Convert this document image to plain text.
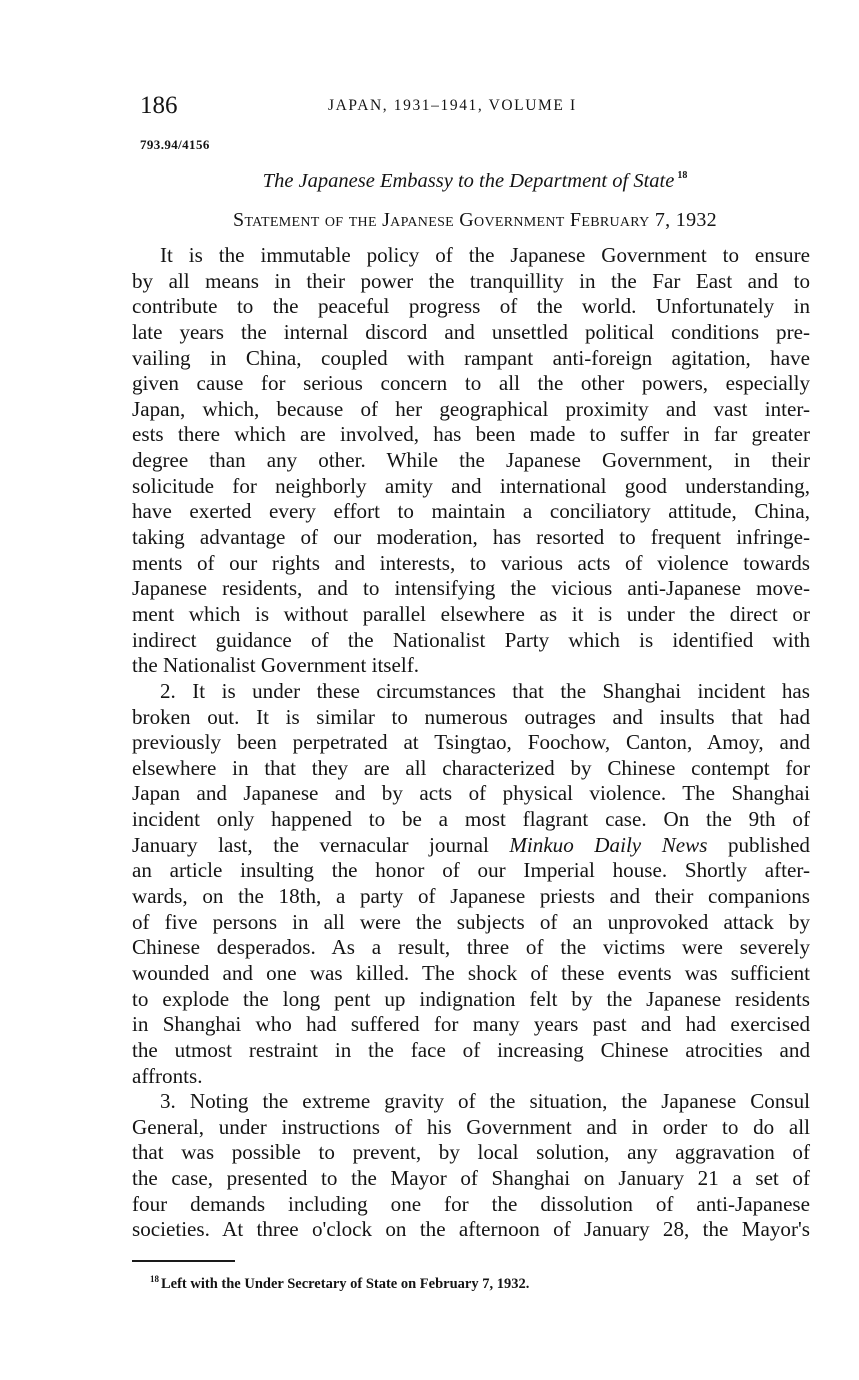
186	JAPAN, 1931–1941, VOLUME I
793.94/4156
The Japanese Embassy to the Department of State $^{18}$
Statement of the Japanese Government February 7, 1932
It is the immutable policy of the Japanese Government to ensure
by all means in their power the tranquillity in the Far East and to
contribute to the peaceful progress of the world. Unfortunately in
late years the internal discord and unsettled political conditions pre-
vailing in China, coupled with rampant anti-foreign agitation, have
given cause for serious concern to all the other powers, especially
Japan, which, because of her geographical proximity and vast inter-
ests there which are involved, has been made to suffer in far greater
degree than any other. While the Japanese Government, in their
solicitude for neighborly amity and international good understanding,
have exerted every effort to maintain a conciliatory attitude, China,
taking advantage of our moderation, has resorted to frequent infringe-
ments of our rights and interests, to various acts of violence towards
Japanese residents, and to intensifying the vicious anti-Japanese move-
ment which is without parallel elsewhere as it is under the direct or
indirect guidance of the Nationalist Party which is identified with
the Nationalist Government itself.
2. It is under these circumstances that the Shanghai incident has
broken out. It is similar to numerous outrages and insults that had
previously been perpetrated at Tsingtao, Foochow, Canton, Amoy, and
elsewhere in that they are all characterized by Chinese contempt for
Japan and Japanese and by acts of physical violence. The Shanghai
incident only happened to be a most flagrant case. On the 9th of
January last, the vernacular journal Minkuo Daily News published
an article insulting the honor of our Imperial house. Shortly after-
wards, on the 18th, a party of Japanese priests and their companions
of five persons in all were the subjects of an unprovoked attack by
Chinese desperados. As a result, three of the victims were severely
wounded and one was killed. The shock of these events was sufficient
to explode the long pent up indignation felt by the Japanese residents
in Shanghai who had suffered for many years past and had exercised
the utmost restraint in the face of increasing Chinese atrocities and
affronts.
3. Noting the extreme gravity of the situation, the Japanese Consul
General, under instructions of his Government and in order to do all
that was possible to prevent, by local solution, any aggravation of
the case, presented to the Mayor of Shanghai on January 21 a set of
four demands including one for the dissolution of anti-Japanese
societies. At three o'clock on the afternoon of January 28, the Mayor's
$^{18}$ Left with the Under Secretary of State on February 7, 1932.
